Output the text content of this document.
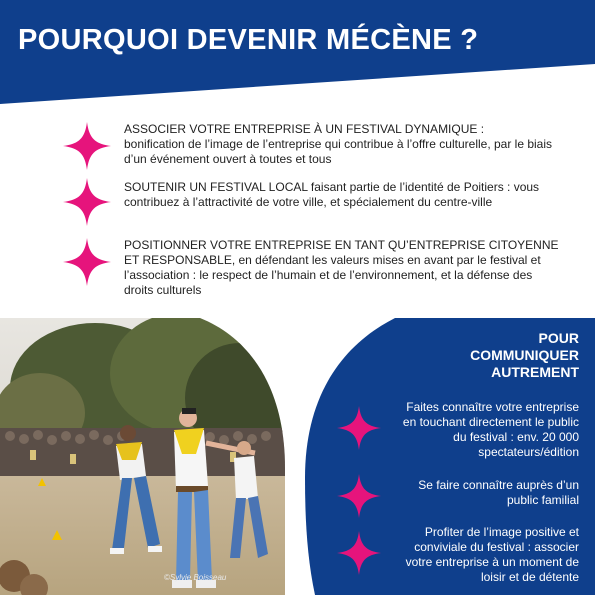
POURQUOI DEVENIR MÉCÈNE ?
ASSOCIER VOTRE ENTREPRISE À UN FESTIVAL DYNAMIQUE :
bonification de l’image de l’entreprise qui contribue à l’offre culturelle, par le biais d’un événement ouvert à toutes et tous
SOUTENIR UN FESTIVAL LOCAL faisant partie de l’identité de Poitiers : vous contribuez à l’attractivité de votre ville, et spécialement du centre-ville
POSITIONNER VOTRE ENTREPRISE EN TANT QU’ENTREPRISE CITOYENNE ET RESPONSABLE, en défendant les valeurs mises en avant par le festival et l’association : le respect de l’humain et de l’environnement, et la défense des droits culturels
©Sylvie Boisseau
POUR
COMMUNIQUER
AUTREMENT
Faites connaître votre entreprise en touchant directement le public du festival : env. 20 000 spectateurs/édition
Se faire connaître auprès d’un public familial
Profiter de l’image positive et conviviale du festival : associer votre entreprise à un moment de loisir et de détente
